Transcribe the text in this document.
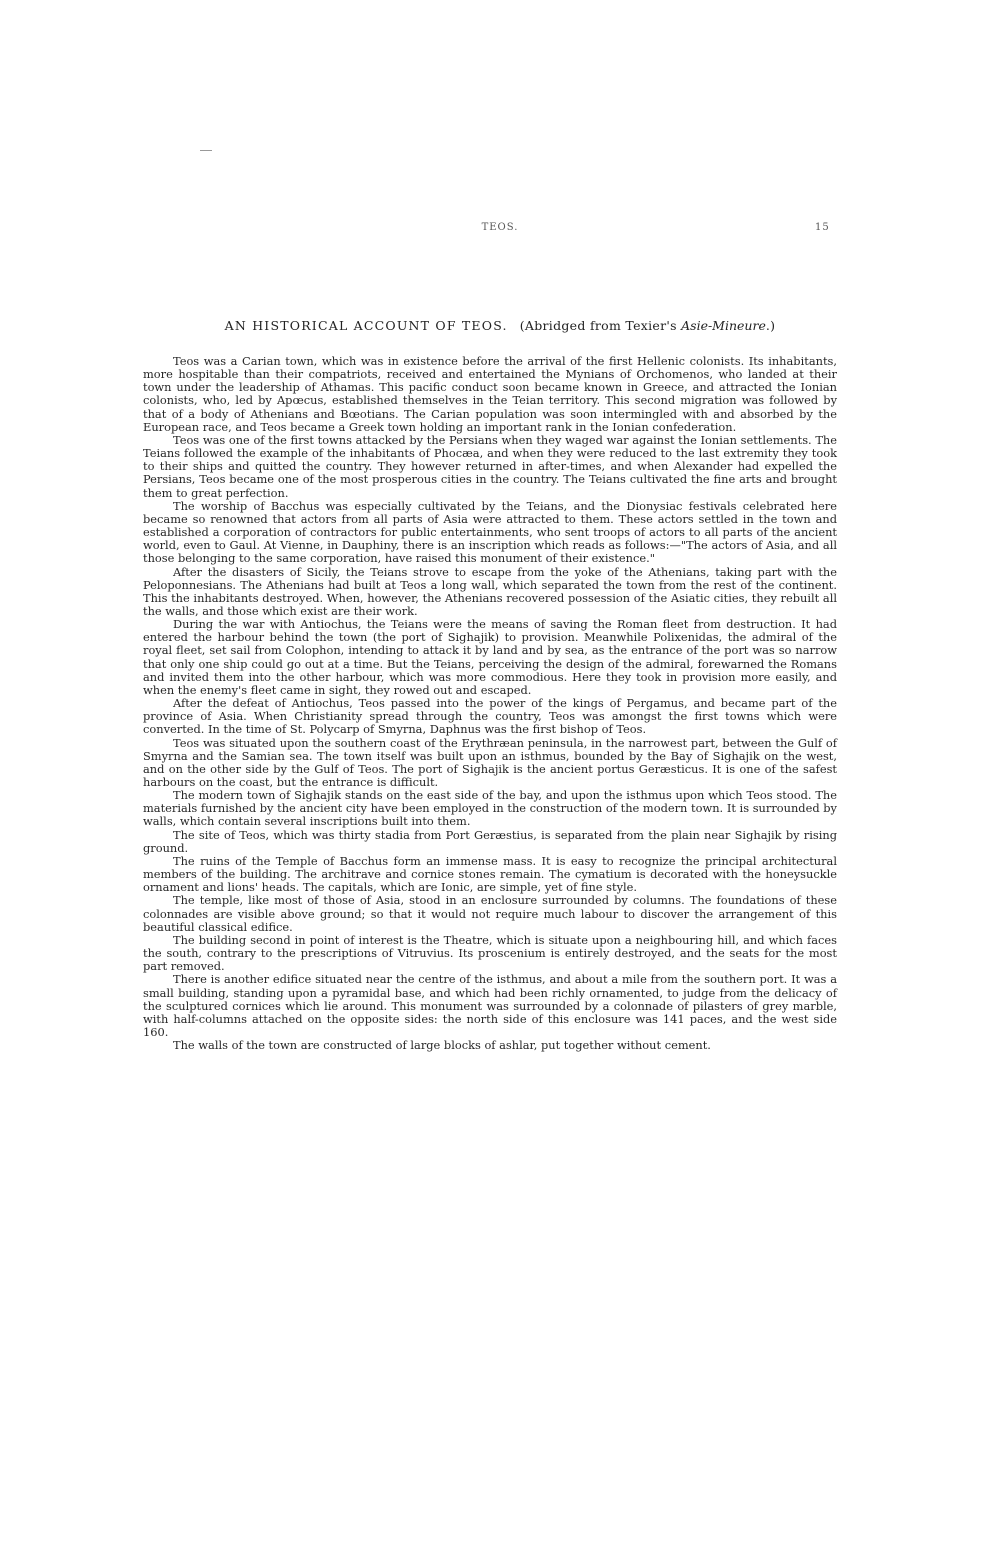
TEOS.	15
AN HISTORICAL ACCOUNT OF TEOS. (Abridged from Texier's Asie-Mineure.)

Teos was a Carian town, which was in existence before the arrival of the first Hellenic colonists. Its inhabitants, more hospitable than their compatriots, received and entertained the Mynians of Orchomenos, who landed at their town under the leadership of Athamas. This pacific conduct soon became known in Greece, and attracted the Ionian colonists, who, led by Apœcus, established themselves in the Teian territory. This second migration was followed by that of a body of Athenians and Bœotians. The Carian population was soon intermingled with and absorbed by the European race, and Teos became a Greek town holding an important rank in the Ionian confederation.

Teos was one of the first towns attacked by the Persians when they waged war against the Ionian settlements. The Teians followed the example of the inhabitants of Phocæa, and when they were reduced to the last extremity they took to their ships and quitted the country. They however returned in after-times, and when Alexander had expelled the Persians, Teos became one of the most prosperous cities in the country. The Teians cultivated the fine arts and brought them to great perfection.

The worship of Bacchus was especially cultivated by the Teians, and the Dionysiac festivals celebrated here became so renowned that actors from all parts of Asia were attracted to them. These actors settled in the town and established a corporation of contractors for public entertainments, who sent troops of actors to all parts of the ancient world, even to Gaul. At Vienne, in Dauphiny, there is an inscription which reads as follows:—"The actors of Asia, and all those belonging to the same corporation, have raised this monument of their existence."

After the disasters of Sicily, the Teians strove to escape from the yoke of the Athenians, taking part with the Peloponnesians. The Athenians had built at Teos a long wall, which separated the town from the rest of the continent. This the inhabitants destroyed. When, however, the Athenians recovered possession of the Asiatic cities, they rebuilt all the walls, and those which exist are their work.

During the war with Antiochus, the Teians were the means of saving the Roman fleet from destruction. It had entered the harbour behind the town (the port of Sighajik) to provision. Meanwhile Polixenidas, the admiral of the royal fleet, set sail from Colophon, intending to attack it by land and by sea, as the entrance of the port was so narrow that only one ship could go out at a time. But the Teians, perceiving the design of the admiral, forewarned the Romans and invited them into the other harbour, which was more commodious. Here they took in provision more easily, and when the enemy's fleet came in sight, they rowed out and escaped.

After the defeat of Antiochus, Teos passed into the power of the kings of Pergamus, and became part of the province of Asia. When Christianity spread through the country, Teos was amongst the first towns which were converted. In the time of St. Polycarp of Smyrna, Daphnus was the first bishop of Teos.

Teos was situated upon the southern coast of the Erythræan peninsula, in the narrowest part, between the Gulf of Smyrna and the Samian sea. The town itself was built upon an isthmus, bounded by the Bay of Sighajik on the west, and on the other side by the Gulf of Teos. The port of Sighajik is the ancient portus Geræsticus. It is one of the safest harbours on the coast, but the entrance is difficult.

The modern town of Sighajik stands on the east side of the bay, and upon the isthmus upon which Teos stood. The materials furnished by the ancient city have been employed in the construction of the modern town. It is surrounded by walls, which contain several inscriptions built into them.

The site of Teos, which was thirty stadia from Port Geræstius, is separated from the plain near Sighajik by rising ground.

The ruins of the Temple of Bacchus form an immense mass. It is easy to recognize the principal architectural members of the building. The architrave and cornice stones remain. The cymatium is decorated with the honeysuckle ornament and lions' heads. The capitals, which are Ionic, are simple, yet of fine style.

The temple, like most of those of Asia, stood in an enclosure surrounded by columns. The foundations of these colonnades are visible above ground; so that it would not require much labour to discover the arrangement of this beautiful classical edifice.

The building second in point of interest is the Theatre, which is situate upon a neighbouring hill, and which faces the south, contrary to the prescriptions of Vitruvius. Its proscenium is entirely destroyed, and the seats for the most part removed.

There is another edifice situated near the centre of the isthmus, and about a mile from the southern port. It was a small building, standing upon a pyramidal base, and which had been richly ornamented, to judge from the delicacy of the sculptured cornices which lie around. This monument was surrounded by a colonnade of pilasters of grey marble, with half-columns attached on the opposite sides: the north side of this enclosure was 141 paces, and the west side 160.

The walls of the town are constructed of large blocks of ashlar, put together without cement.
